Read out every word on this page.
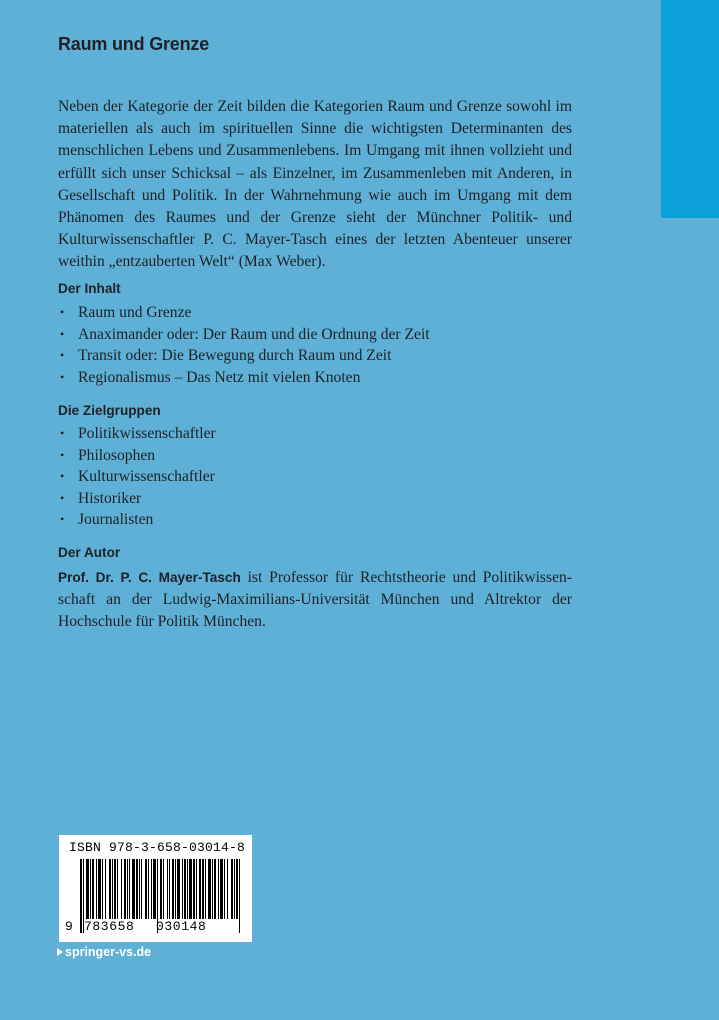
Raum und Grenze

Neben der Kategorie der Zeit bilden die Kategorien Raum und Grenze sowohl im materiellen als auch im spirituellen Sinne die wichtigsten Determinanten des menschlichen Lebens und Zusammenlebens. Im Umgang mit ihnen vollzieht und erfüllt sich unser Schicksal – als Einzelner, im Zusammenleben mit Anderen, in Gesellschaft und Politik. In der Wahrnehmung wie auch im Umgang mit dem Phänomen des Raumes und der Grenze sieht der Münchner Politik- und Kulturwissenschaftler P. C. Mayer-Tasch eines der letzten Abenteuer unserer weithin „entzauberten Welt“ (Max Weber).

Der Inhalt
• Raum und Grenze
• Anaximander oder: Der Raum und die Ordnung der Zeit
• Transit oder: Die Bewegung durch Raum und Zeit
• Regionalismus – Das Netz mit vielen Knoten
Die Zielgruppen
• Politikwissenschaftler
• Philosophen
• Kulturwissenschaftler
• Historiker
• Journalisten
Der Autor

Prof. Dr. P. C. Mayer-Tasch ist Professor für Rechtstheorie und Politikwissenschaft an der Ludwig-Maximilians-Universität München und Altrektor der Hochschule für Politik München.

ISBN 978-3-658-03014-8
9 783658 030148
springer-vs.de
